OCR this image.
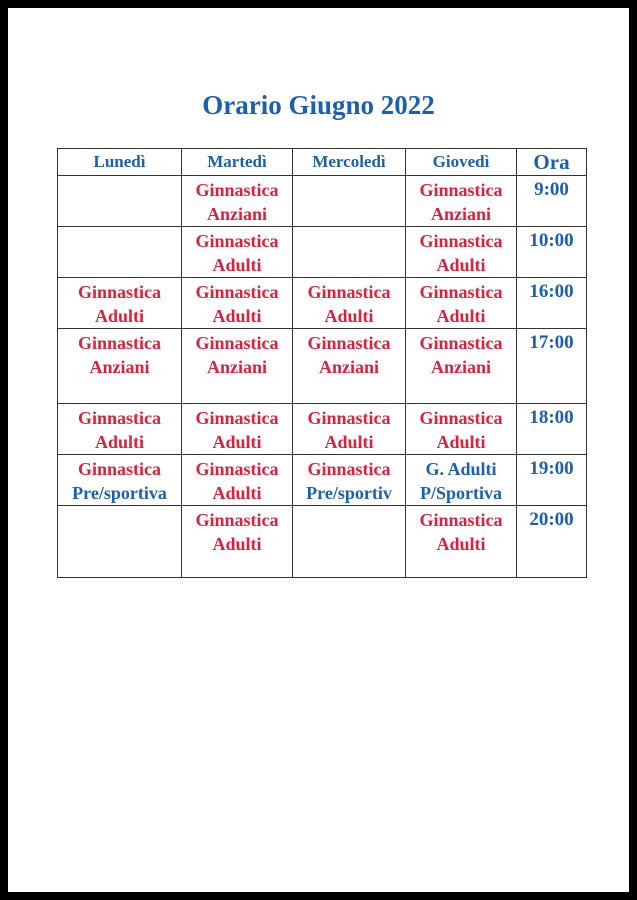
Orario Giugno 2022
Lunedì	Martedì	Mercoledì	Giovedì	Ora

	Ginnastica
Anziani		Ginnastica
Anziani	9:00

	Ginnastica
Adulti		Ginnastica
Adulti	10:00

Ginnastica
Adulti	Ginnastica
Adulti	Ginnastica
Adulti	Ginnastica
Adulti	16:00

Ginnastica
Anziani	Ginnastica
Anziani	Ginnastica
Anziani	Ginnastica
Anziani	17:00

Ginnastica
Adulti	Ginnastica
Adulti	Ginnastica
Adulti	Ginnastica
Adulti	18:00

Ginnastica
Pre/sportiva	Ginnastica
Adulti	Ginnastica
Pre/sportiv	G. Adulti
P/Sportiva	19:00

	Ginnastica
Adulti		Ginnastica
Adulti	20:00
